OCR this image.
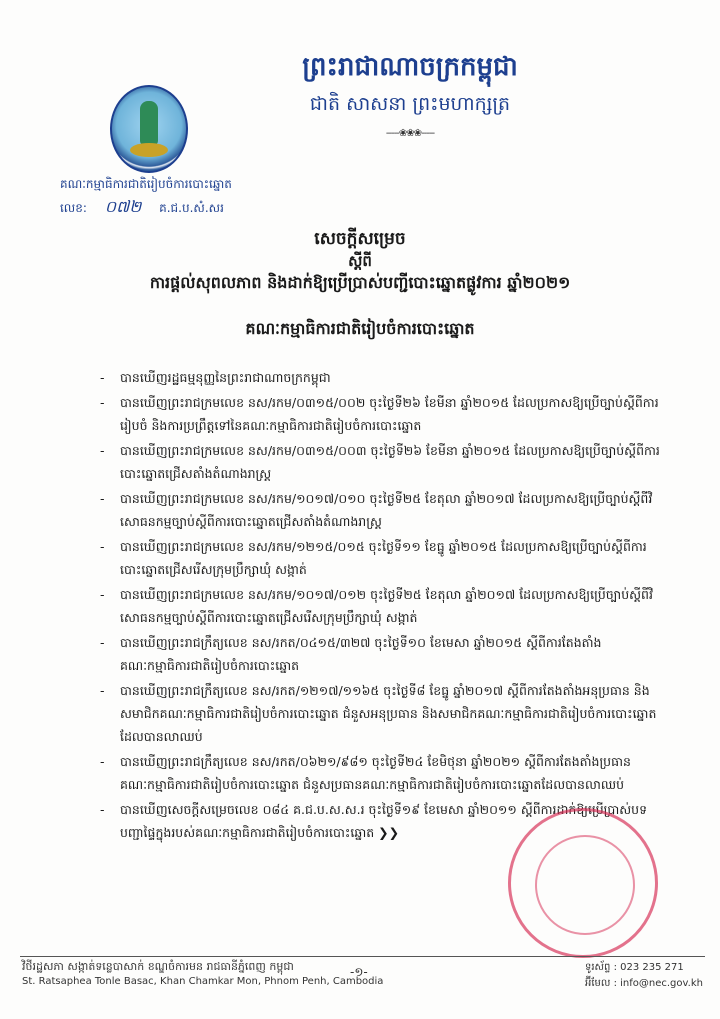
ព្រះរាជាណាចក្រកម្ពុជា
ជាតិ សាសនា ព្រះមហាក្សត្រ
-----❀❀❀-----
គណៈកម្មាធិការជាតិរៀបចំការបោះឆ្នោត
លេខ: ០៧២ គ.ជ.ប.សំ.សរ
សេចក្ដីសម្រេច
ស្ដីពី
ការផ្ដល់សុពលភាព និងដាក់ឱ្យប្រើប្រាស់បញ្ជីបោះឆ្នោតផ្លូវការ ឆ្នាំ២០២១
គណៈកម្មាធិការជាតិរៀបចំការបោះឆ្នោត
-	បានឃើញរដ្ឋធម្មនុញ្ញនៃព្រះរាជាណាចក្រកម្ពុជា
-	បានឃើញព្រះរាជក្រមលេខ នស/រកម/០៣១៥/០០២ ចុះថ្ងៃទី២៦ ខែមីនា ឆ្នាំ២០១៥ ដែលប្រកាសឱ្យប្រើច្បាប់ស្ដីពីការរៀបចំ និងការប្រព្រឹត្តទៅនៃគណៈកម្មាធិការជាតិរៀបចំការបោះឆ្នោត
-	បានឃើញព្រះរាជក្រមលេខ នស/រកម/០៣១៥/០០៣ ចុះថ្ងៃទី២៦ ខែមីនា ឆ្នាំ២០១៥ ដែលប្រកាសឱ្យប្រើច្បាប់ស្ដីពីការបោះឆ្នោតជ្រើសតាំងតំណាងរាស្ត្រ
-	បានឃើញព្រះរាជក្រមលេខ នស/រកម/១០១៧/០១០ ចុះថ្ងៃទី២៥ ខែតុលា ឆ្នាំ២០១៧ ដែលប្រកាសឱ្យប្រើច្បាប់ស្ដីពីវិសោធនកម្មច្បាប់ស្ដីពីការបោះឆ្នោតជ្រើសតាំងតំណាងរាស្ត្រ
-	បានឃើញព្រះរាជក្រមលេខ នស/រកម/១២១៥/០១៥ ចុះថ្ងៃទី១១ ខែធ្នូ ឆ្នាំ២០១៥ ដែលប្រកាសឱ្យប្រើច្បាប់ស្ដីពីការបោះឆ្នោតជ្រើសរើសក្រុមប្រឹក្សាឃុំ សង្កាត់
-	បានឃើញព្រះរាជក្រមលេខ នស/រកម/១០១៧/០១២ ចុះថ្ងៃទី២៥ ខែតុលា ឆ្នាំ២០១៧ ដែលប្រកាសឱ្យប្រើច្បាប់ស្ដីពីវិសោធនកម្មច្បាប់ស្ដីពីការបោះឆ្នោតជ្រើសរើសក្រុមប្រឹក្សាឃុំ សង្កាត់
-	បានឃើញព្រះរាជក្រឹត្យលេខ នស/រកត/០៤១៥/៣២៧ ចុះថ្ងៃទី១០ ខែមេសា ឆ្នាំ២០១៥ ស្ដីពីការតែងតាំងគណៈកម្មាធិការជាតិរៀបចំការបោះឆ្នោត
-	បានឃើញព្រះរាជក្រឹត្យលេខ នស/រកត/១២១៧/១១៦៥ ចុះថ្ងៃទី៨ ខែធ្នូ ឆ្នាំ២០១៧ ស្ដីពីការតែងតាំងអនុប្រធាន និងសមាជិកគណៈកម្មាធិការជាតិរៀបចំការបោះឆ្នោត ជំនួសអនុប្រធាន និងសមាជិកគណៈកម្មាធិការជាតិរៀបចំការបោះឆ្នោតដែលបានលាឈប់
-	បានឃើញព្រះរាជក្រឹត្យលេខ នស/រកត/០៦២១/៩៨១ ចុះថ្ងៃទី២៤ ខែមិថុនា ឆ្នាំ២០២១ ស្ដីពីការតែងតាំងប្រធានគណៈកម្មាធិការជាតិរៀបចំការបោះឆ្នោត ជំនួសប្រធានគណៈកម្មាធិការជាតិរៀបចំការបោះឆ្នោតដែលបានលាឈប់
-	បានឃើញសេចក្ដីសម្រេចលេខ ០៨៤ គ.ជ.ប.ស.ស.រ ចុះថ្ងៃទី១៩ ខែមេសា ឆ្នាំ២០១១ ស្ដីពីការដាក់ឱ្យប្រើប្រាស់បទបញ្ជាផ្ទៃក្នុងរបស់គណៈកម្មាធិការជាតិរៀបចំការបោះឆ្នោត ❯❯
វិថីរដ្ឋសភា សង្កាត់ទន្លេបាសាក់ ខណ្ឌចំការមន រាជធានីភ្នំពេញ កម្ពុជា
St. Ratsaphea Tonle Basac, Khan Chamkar Mon, Phnom Penh, Cambodia
-១-	ទូរស័ព្ទ : 023 235 271
អ៊ីមែល : info@nec.gov.kh
